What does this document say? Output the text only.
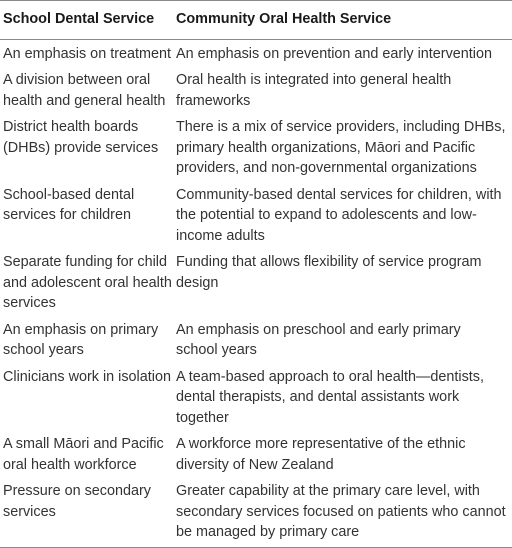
School Dental Service	Community Oral Health Service
An emphasis on treatment	An emphasis on prevention and early intervention
A division between oral health and general health	Oral health is integrated into general health frameworks
District health boards (DHBs) provide services	There is a mix of service providers, including DHBs, primary health organizations, Māori and Pacific providers, and non-governmental organizations
School-based dental services for children	Community-based dental services for children, with the potential to expand to adolescents and low-income adults
Separate funding for child and adolescent oral health services	Funding that allows flexibility of service program design
An emphasis on primary school years	An emphasis on preschool and early primary school years
Clinicians work in isolation	A team-based approach to oral health—dentists, dental therapists, and dental assistants work together
A small Māori and Pacific oral health workforce	A workforce more representative of the ethnic diversity of New Zealand
Pressure on secondary services	Greater capability at the primary care level, with secondary services focused on patients who cannot be managed by primary care
